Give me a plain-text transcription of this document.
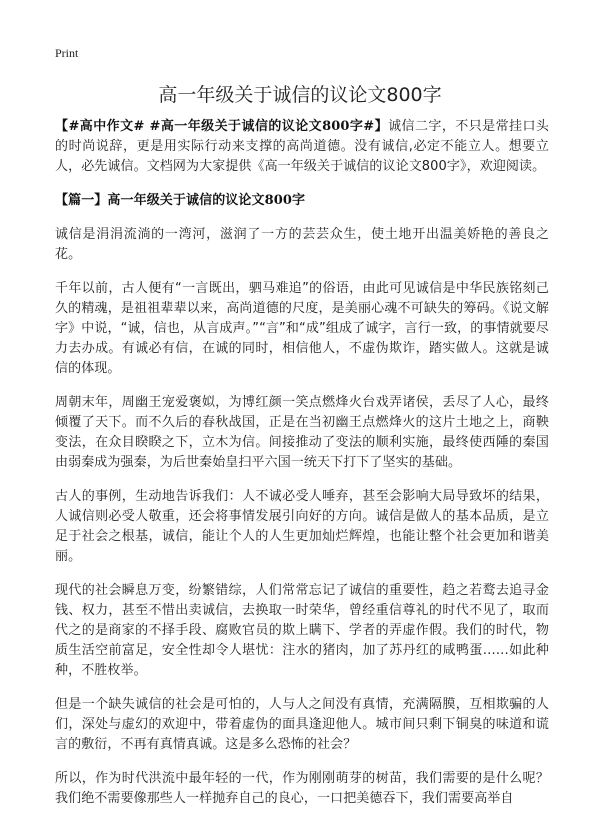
Print
高一年级关于诚信的议论文800字

【#高中作文# #高一年级关于诚信的议论文800字#】诚信二字，不只是常挂口头的时尚说辞，更是用实际行动来支撑的高尚道德。没有诚信,必定不能立人。想要立人，必先诚信。文档网为大家提供《高一年级关于诚信的议论文800字》，欢迎阅读。

【篇一】高一年级关于诚信的议论文800字

诚信是涓涓流淌的一湾河，滋润了一方的芸芸众生，使土地开出温美娇艳的善良之花。

千年以前，古人便有“一言既出，驷马难追”的俗语，由此可见诚信是中华民族铭刻己久的精魂，是祖祖辈辈以来，高尚道德的尺度，是美丽心魂不可缺失的筹码。《说文解字》中说，“诚，信也，从言成声。”“言”和“成”组成了诚字，言行一致，的事情就要尽力去办成。有诚必有信，在诚的同时，相信他人，不虚伪欺诈，踏实做人。这就是诚信的体现。

周朝末年，周幽王宠爱褒姒，为博红颜一笑点燃烽火台戏弄诸侯，丢尽了人心，最终倾覆了天下。而不久后的春秋战国，正是在当初幽王点燃烽火的这片土地之上，商鞅变法，在众目睽睽之下，立木为信。间接推动了变法的顺利实施，最终使西陲的秦国由弱秦成为强秦，为后世秦始皇扫平六国一统天下打下了坚实的基础。

古人的事例，生动地告诉我们：人不诚必受人唾弃，甚至会影响大局导致坏的结果，人诚信则必受人敬重，还会将事情发展引向好的方向。诚信是做人的基本品质，是立足于社会之根基，诚信，能让个人的人生更加灿烂辉煌，也能让整个社会更加和谐美丽。

现代的社会瞬息万变，纷繁错综，人们常常忘记了诚信的重要性，趋之若鹜去追寻金钱、权力，甚至不惜出卖诚信，去换取一时荣华，曾经重信尊礼的时代不见了，取而代之的是商家的不择手段、腐败官员的欺上瞒下、学者的弄虚作假。我们的时代，物质生活空前富足，安全性却令人堪忧：注水的猪肉，加了苏丹红的咸鸭蛋……如此种种，不胜枚举。

但是一个缺失诚信的社会是可怕的，人与人之间没有真情，充满隔膜，互相欺骗的人们，深处与虚幻的欢迎中，带着虚伪的面具逢迎他人。城市间只剩下铜臭的味道和谎言的敷衍，不再有真情真诚。这是多么恐怖的社会？

所以，作为时代洪流中最年轻的一代，作为刚刚萌芽的树苗，我们需要的是什么呢？我们绝不需要像那些人一样抛弃自己的良心，一口把美德吞下，我们需要高举自
